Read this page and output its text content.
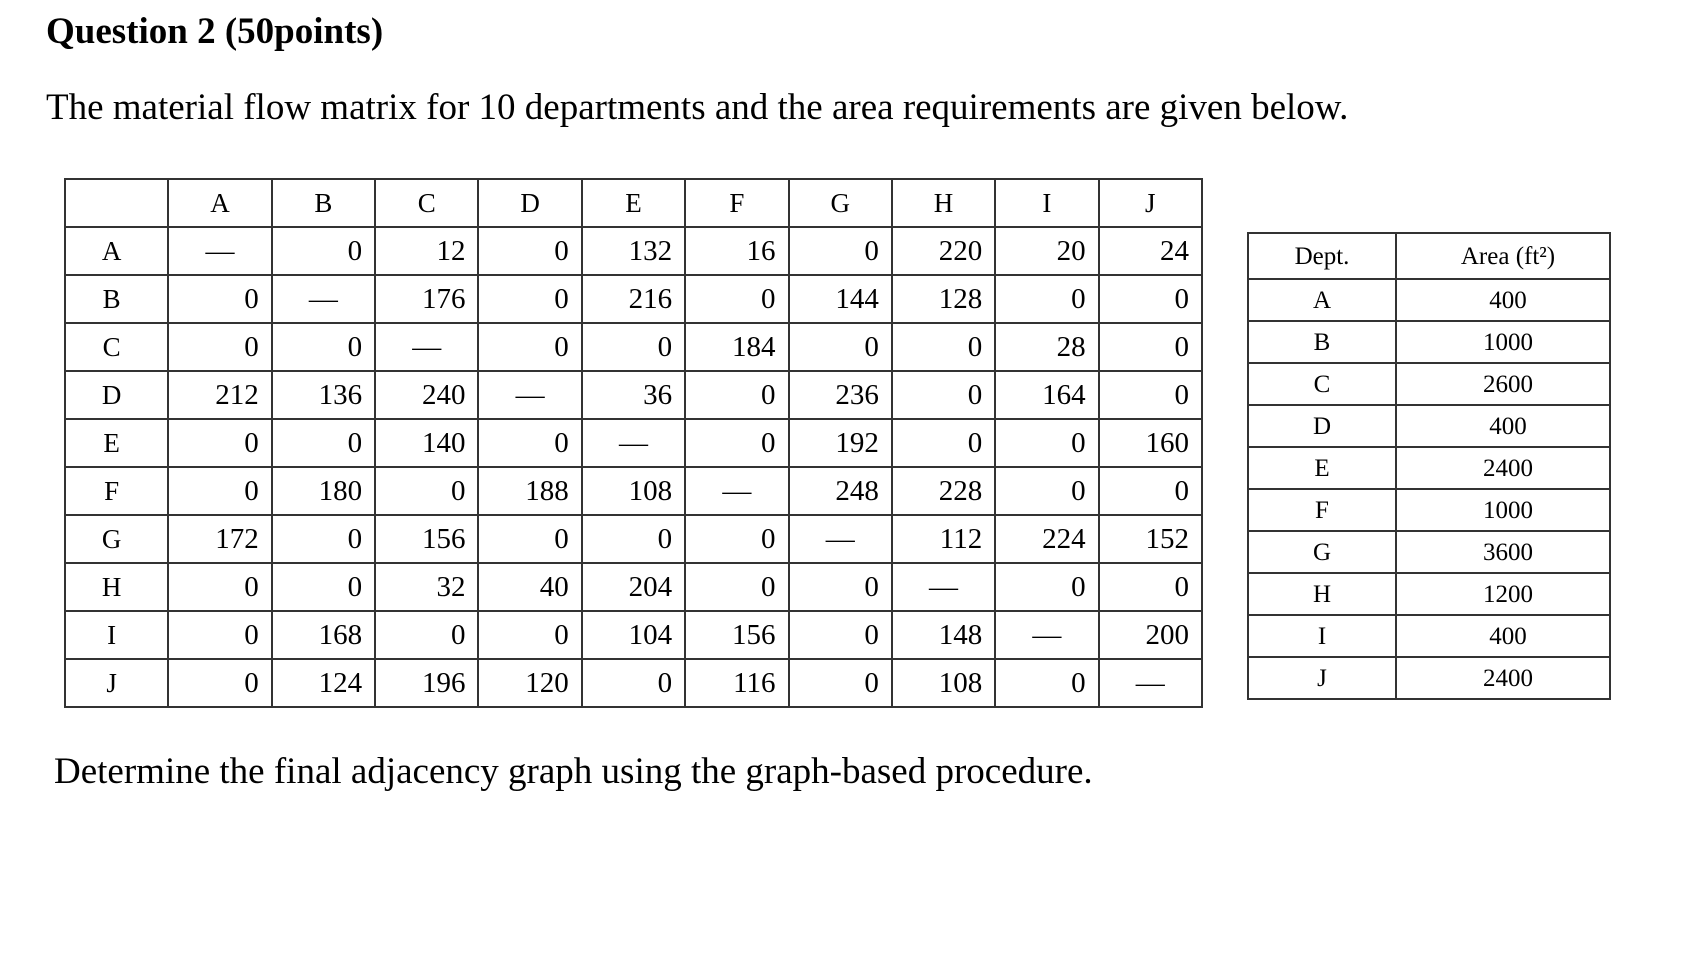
Question 2 (50points)
The material flow matrix for 10 departments and the area requirements are given below.
	A	B	C	D	E	F	G	H	I	J
A	—	0	12	0	132	16	0	220	20	24
B	0	—	176	0	216	0	144	128	0	0
C	0	0	—	0	0	184	0	0	28	0
D	212	136	240	—	36	0	236	0	164	0
E	0	0	140	0	—	0	192	0	0	160
F	0	180	0	188	108	—	248	228	0	0
G	172	0	156	0	0	0	—	112	224	152
H	0	0	32	40	204	0	0	—	0	0
I	0	168	0	0	104	156	0	148	—	200
J	0	124	196	120	0	116	0	108	0	—
Dept.	Area (ft²)
A	400
B	1000
C	2600
D	400
E	2400
F	1000
G	3600
H	1200
I	400
J	2400
Determine the final adjacency graph using the graph-based procedure.
